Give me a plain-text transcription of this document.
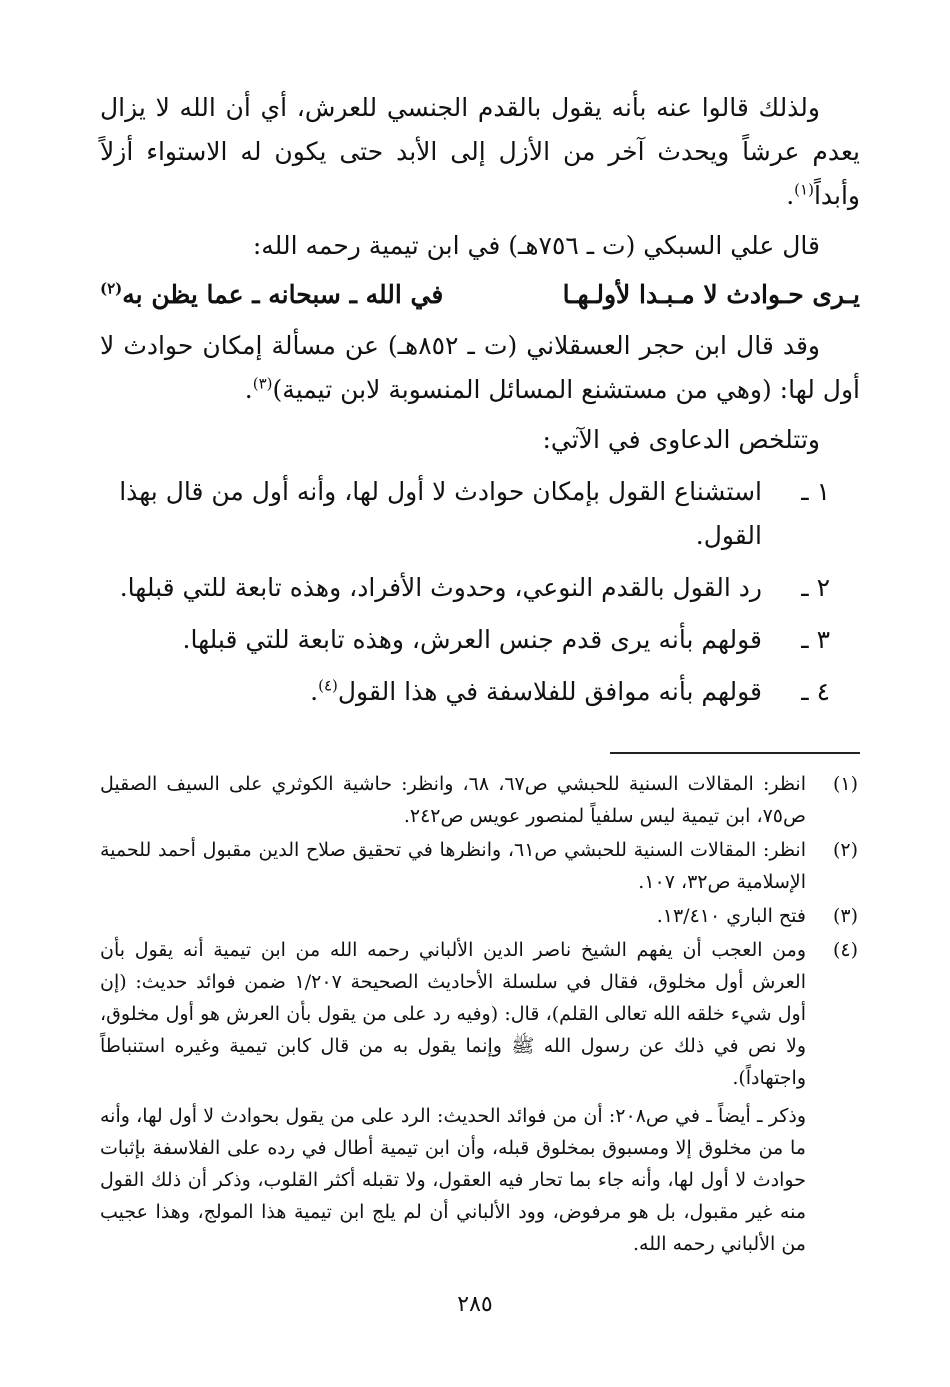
ولذلك قالوا عنه بأنه يقول بالقدم الجنسي للعرش، أي أن الله لا يزال يعدم عرشاً ويحدث آخر من الأزل إلى الأبد حتى يكون له الاستواء أزلاً وأبداً$^{(١)}$.

قال علي السبكي (ت ـ ٧٥٦هـ) في ابن تيمية رحمه الله:

يـرى حـوادث لا مـبـدا لأولـهـا
في الله ـ سبحانه ـ عما يظن به$^{(٢)}$

وقد قال ابن حجر العسقلاني (ت ـ ٨٥٢هـ) عن مسألة إمكان حوادث لا أول لها: (وهي من مستشنع المسائل المنسوبة لابن تيمية)$^{(٣)}$.

وتتلخص الدعاوى في الآتي:

١ ـ
استشناع القول بإمكان حوادث لا أول لها، وأنه أول من قال بهذا القول.
٢ ـ
رد القول بالقدم النوعي، وحدوث الأفراد، وهذه تابعة للتي قبلها.
٣ ـ
قولهم بأنه يرى قدم جنس العرش، وهذه تابعة للتي قبلها.
٤ ـ
قولهم بأنه موافق للفلاسفة في هذا القول$^{(٤)}$.
(١)
انظر: المقالات السنية للحبشي ص٦٧، ٦٨، وانظر: حاشية الكوثري على السيف الصقيل ص٧٥، ابن تيمية ليس سلفياً لمنصور عويس ص٢٤٢.
(٢)
انظر: المقالات السنية للحبشي ص٦١، وانظرها في تحقيق صلاح الدين مقبول أحمد للحمية الإسلامية ص٣٢، ١٠٧.
(٣)
فتح الباري ١٣/٤١٠.
(٤)
ومن العجب أن يفهم الشيخ ناصر الدين الألباني رحمه الله من ابن تيمية أنه يقول بأن العرش أول مخلوق، فقال في سلسلة الأحاديث الصحيحة ١/٢٠٧ ضمن فوائد حديث: (إن أول شيء خلقه الله تعالى القلم)، قال: (وفيه رد على من يقول بأن العرش هو أول مخلوق، ولا نص في ذلك عن رسول الله ﷺ وإنما يقول به من قال كابن تيمية وغيره استنباطاً واجتهاداً).

وذكر ـ أيضاً ـ في ص٢٠٨: أن من فوائد الحديث: الرد على من يقول بحوادث لا أول لها، وأنه ما من مخلوق إلا ومسبوق بمخلوق قبله، وأن ابن تيمية أطال في رده على الفلاسفة بإثبات حوادث لا أول لها، وأنه جاء بما تحار فيه العقول، ولا تقبله أكثر القلوب، وذكر أن ذلك القول منه غير مقبول، بل هو مرفوض، وود الألباني أن لم يلج ابن تيمية هذا المولج، وهذا عجيب من الألباني رحمه الله.

٢٨٥
